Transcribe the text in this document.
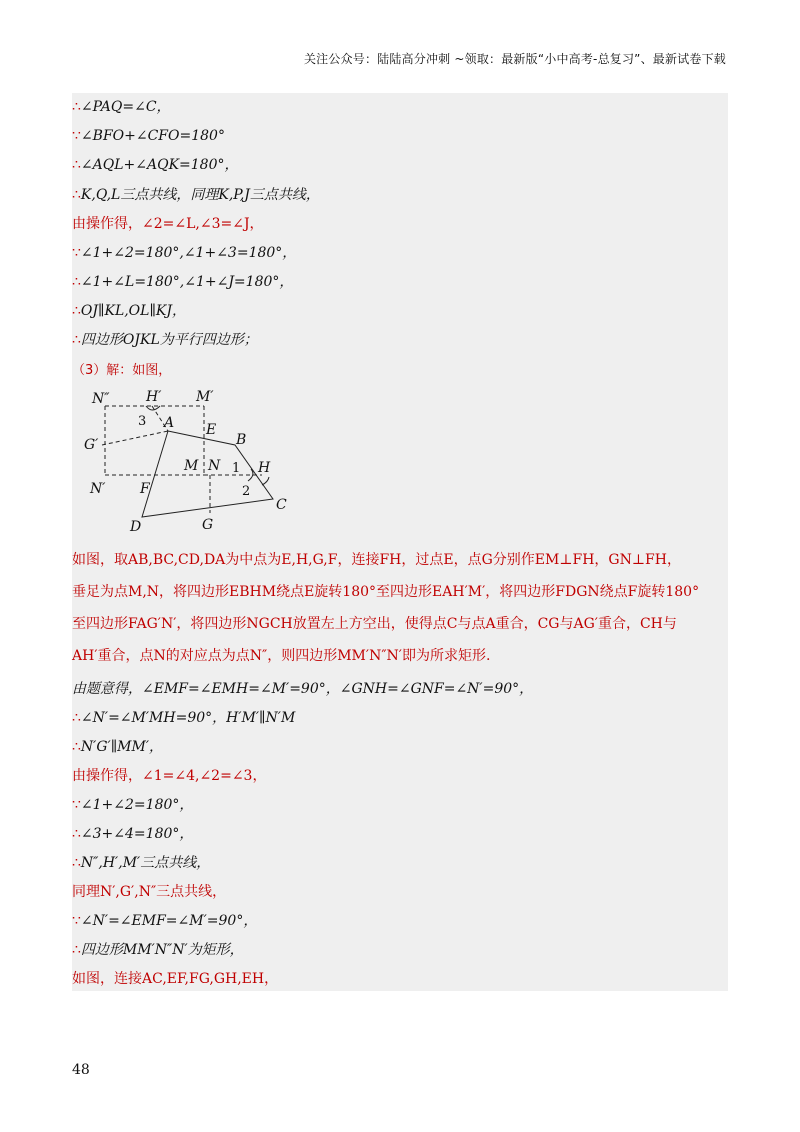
关注公众号：陆陆高分冲刺 ~领取：最新版“小中高考-总复习”、最新试卷下载
∴∠PAQ=∠C，
∵∠BFO+∠CFO=180°
∴∠AQL+∠AQK=180°，
∴K,Q,L三点共线，同理K,P,J三点共线，
由操作得，∠2=∠L,∠3=∠J，
∵∠1+∠2=180°,∠1+∠3=180°，
∴∠1+∠L=180°,∠1+∠J=180°，
∴OJ∥KL,OL∥KJ，
∴四边形OJKL为平行四边形；
（3）解：如图，
N″	H′ M′
3 A E
B
G′
M N 1 H
N′ F	2
C
D	G
如图，取AB,BC,CD,DA为中点为E,H,G,F，连接FH，过点E，点G分别作EM⊥FH，GN⊥FH，
垂足为点M,N，将四边形EBHM绕点E旋转180°至四边形EAH′M′，将四边形FDGN绕点F旋转180°
至四边形FAG′N′，将四边形NGCH放置左上方空出，使得点C与点A重合，CG与AG′重合，CH与
AH′重合，点N的对应点为点N″，则四边形MM′N″N′即为所求矩形.
由题意得，∠EMF=∠EMH=∠M′=90°，∠GNH=∠GNF=∠N′=90°，
∴∠N′=∠M′MH=90°，H′M′∥N′M
∴N′G′∥MM′，
由操作得，∠1=∠4,∠2=∠3，
∵∠1+∠2=180°，
∴∠3+∠4=180°，
∴N″,H′,M′三点共线，
同理N′,G′,N″三点共线，
∵∠N′=∠EMF=∠M′=90°，
∴四边形MM′N″N′为矩形，
如图，连接AC,EF,FG,GH,EH，
48
